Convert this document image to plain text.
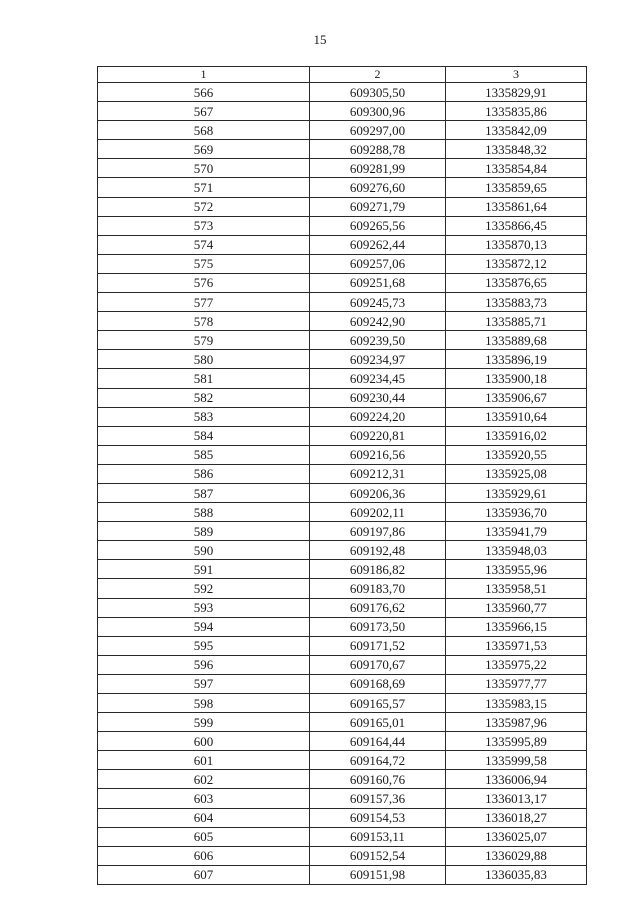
15
1	2	3
566	609305,50	1335829,91
567	609300,96	1335835,86
568	609297,00	1335842,09
569	609288,78	1335848,32
570	609281,99	1335854,84
571	609276,60	1335859,65
572	609271,79	1335861,64
573	609265,56	1335866,45
574	609262,44	1335870,13
575	609257,06	1335872,12
576	609251,68	1335876,65
577	609245,73	1335883,73
578	609242,90	1335885,71
579	609239,50	1335889,68
580	609234,97	1335896,19
581	609234,45	1335900,18
582	609230,44	1335906,67
583	609224,20	1335910,64
584	609220,81	1335916,02
585	609216,56	1335920,55
586	609212,31	1335925,08
587	609206,36	1335929,61
588	609202,11	1335936,70
589	609197,86	1335941,79
590	609192,48	1335948,03
591	609186,82	1335955,96
592	609183,70	1335958,51
593	609176,62	1335960,77
594	609173,50	1335966,15
595	609171,52	1335971,53
596	609170,67	1335975,22
597	609168,69	1335977,77
598	609165,57	1335983,15
599	609165,01	1335987,96
600	609164,44	1335995,89
601	609164,72	1335999,58
602	609160,76	1336006,94
603	609157,36	1336013,17
604	609154,53	1336018,27
605	609153,11	1336025,07
606	609152,54	1336029,88
607	609151,98	1336035,83
